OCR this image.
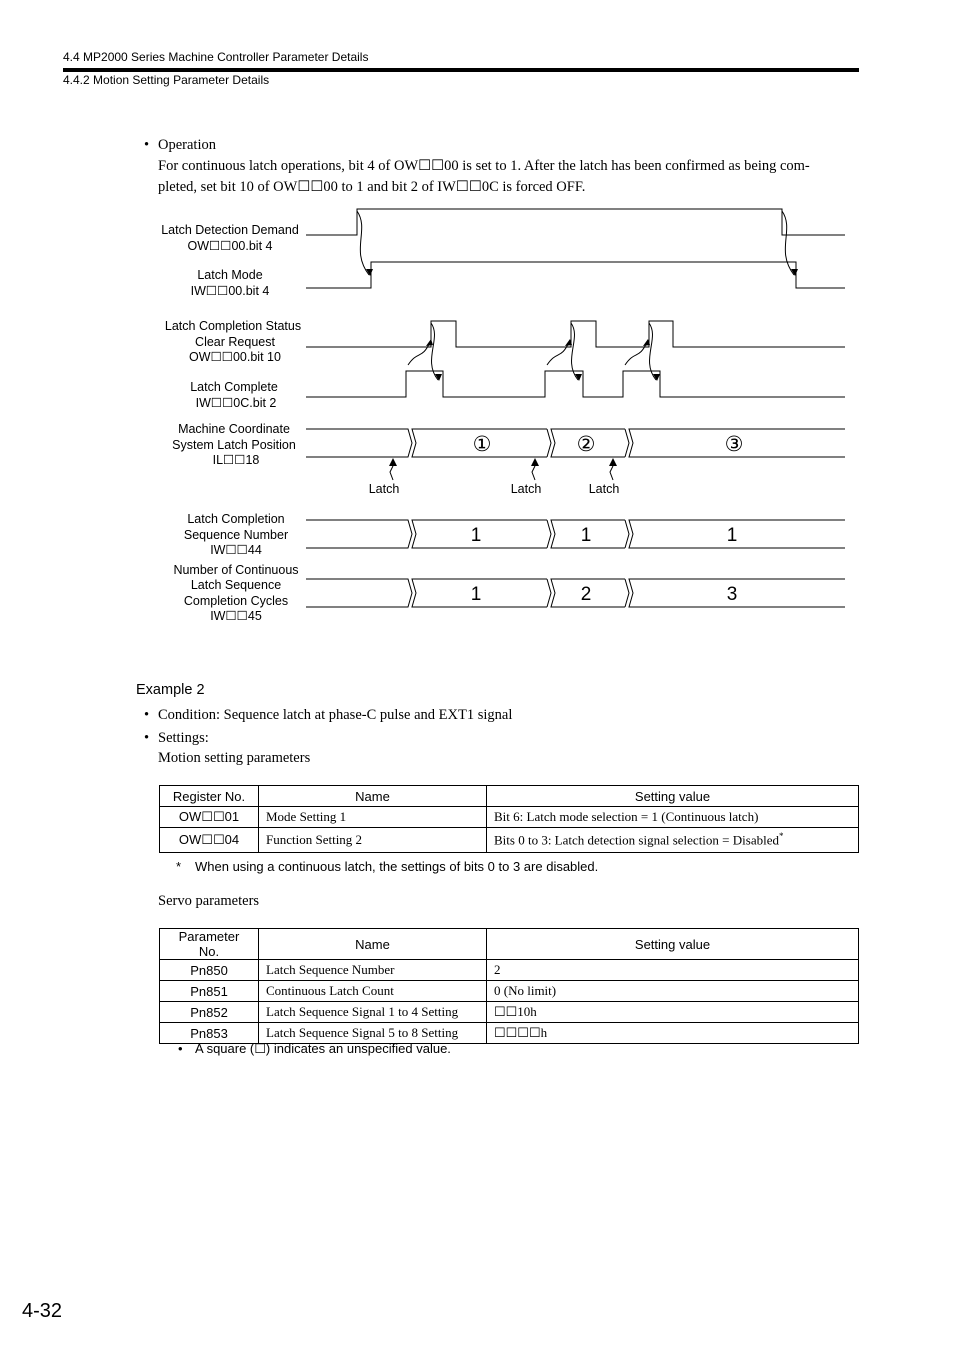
4.4 MP2000 Series Machine Controller Parameter Details
4.4.2 Motion Setting Parameter Details
• Operation
For continuous latch operations, bit 4 of OW☐☐00 is set to 1. After the latch has been confirmed as being com-
pleted, set bit 10 of OW☐☐00 to 1 and bit 2 of IW☐☐0C is forced OFF.
Latch Detection Demand
OW☐☐00.bit 4
Latch Mode
IW☐☐00.bit 4
Latch Completion Status
Clear Request
OW☐☐00.bit 10
Latch Complete
IW☐☐0C.bit 2
Machine Coordinate
System Latch Position
IL☐☐18
Latch Completion
Sequence Number
IW☐☐44
Number of Continuous
Latch Sequence
Completion Cycles
IW☐☐45
Latch	Latch	Latch
①	②	③
1	1	1
1	2	3
Example 2
• Condition: Sequence latch at phase-C pulse and EXT1 signal
• Settings:
Motion setting parameters
Register No.	Name	Setting value
OW☐☐01	Mode Setting 1	Bit 6: Latch mode selection = 1 (Continuous latch)
OW☐☐04	Function Setting 2	Bits 0 to 3: Latch detection signal selection = Disabled*
* When using a continuous latch, the settings of bits 0 to 3 are disabled.
Servo parameters
Parameter No.	Name	Setting value
Pn850	Latch Sequence Number	2
Pn851	Continuous Latch Count	0 (No limit)
Pn852	Latch Sequence Signal 1 to 4 Setting	☐☐10h
Pn853	Latch Sequence Signal 5 to 8 Setting	☐☐☐☐h
• A square (☐) indicates an unspecified value.
4-32
